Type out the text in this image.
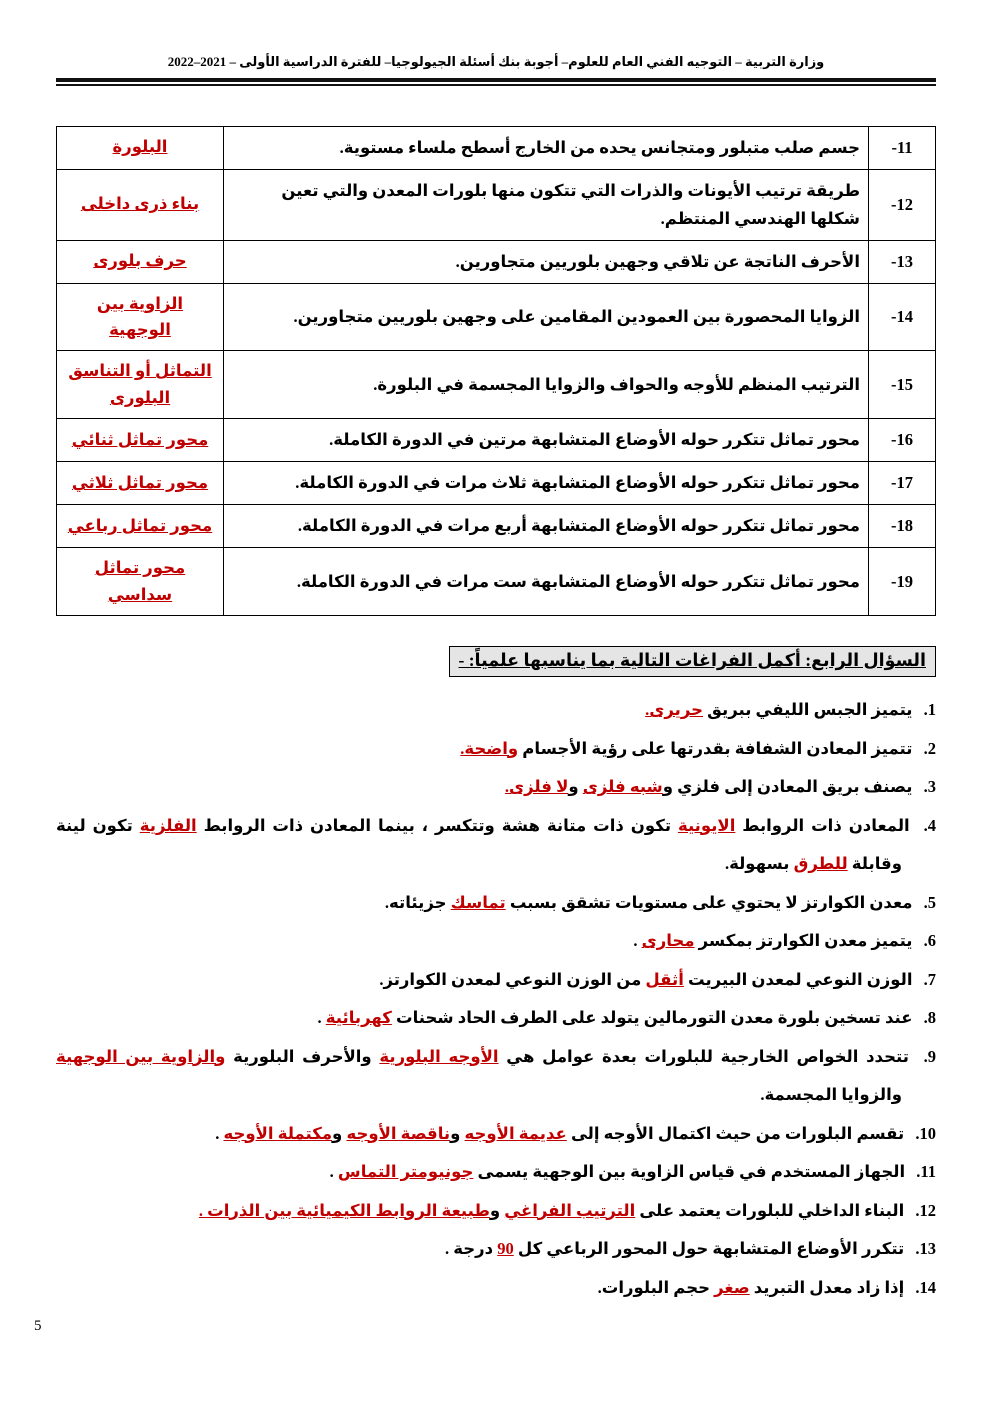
وزارة التربية – التوجيه الفني العام للعلوم– أجوبة بنك أسئلة الجيولوجيا– للفترة الدراسية الأولى – 2021–2022
-11	جسم صلب متبلور ومتجانس يحده من الخارج أسطح ملساء مستوية.	البلورة
-12	طريقة ترتيب الأيونات والذرات التي تتكون منها بلورات المعدن والتي تعين شكلها الهندسي المنتظم.	بناء ذرى داخلى
-13	الأحرف الناتجة عن تلاقي وجهين بلوريين متجاورين.	حرف بلورى
-14	الزوايا المحصورة بين العمودين المقامين على وجهين بلوريين متجاورين.	الزاوية بين الوجهية
-15	الترتيب المنظم للأوجه والحواف والزوايا المجسمة في البلورة.	التماثل أو التناسق البلورى
-16	محور تماثل تتكرر حوله الأوضاع المتشابهة مرتين في الدورة الكاملة.	محور تماثل ثنائي
-17	محور تماثل تتكرر حوله الأوضاع المتشابهة ثلاث مرات في الدورة الكاملة.	محور تماثل ثلاثي
-18	محور تماثل تتكرر حوله الأوضاع المتشابهة أربع مرات في الدورة الكاملة.	محور تماثل رباعي
-19	محور تماثل تتكرر حوله الأوضاع المتشابهة ست مرات في الدورة الكاملة.	محور تماثل سداسي
السؤال الرابع: أكمل الفراغات التالية بما يناسبها علمياً: -
1. يتميز الجبس الليفي ببريق حريرى.
2. تتميز المعادن الشفافة بقدرتها على رؤية الأجسام واضحة.
3. يصنف بريق المعادن إلى فلزي وشبه فلزى ولا فلزى.
4. المعادن ذات الروابط الايونية تكون ذات متانة هشة وتتكسر ، بينما المعادن ذات الروابط الفلزية تكون لينة وقابلة للطرق بسهولة.
5. معدن الكوارتز لا يحتوي على مستويات تشقق بسبب تماسك جزيئاته.
6. يتميز معدن الكوارتز بمكسر محارى .
7. الوزن النوعي لمعدن البيريت أثقل من الوزن النوعي لمعدن الكوارتز.
8. عند تسخين بلورة معدن التورمالين يتولد على الطرف الحاد شحنات كهربائية .
9. تتحدد الخواص الخارجية للبلورات بعدة عوامل هي الأوجه البلورية والأحرف البلورية والزاوية بين الوجهية والزوايا المجسمة.
10. تقسم البلورات من حيث اكتمال الأوجه إلى عديمة الأوجه وناقصة الأوجه ومكتملة الأوجه .
11. الجهاز المستخدم في قياس الزاوية بين الوجهية يسمى جونيومتر التماس .
12. البناء الداخلي للبلورات يعتمد على الترتيب الفراغي وطبيعة الروابط الكيميائية بين الذرات .
13. تتكرر الأوضاع المتشابهة حول المحور الرباعي كل 90 درجة .
14. إذا زاد معدل التبريد صغر حجم البلورات.
5
